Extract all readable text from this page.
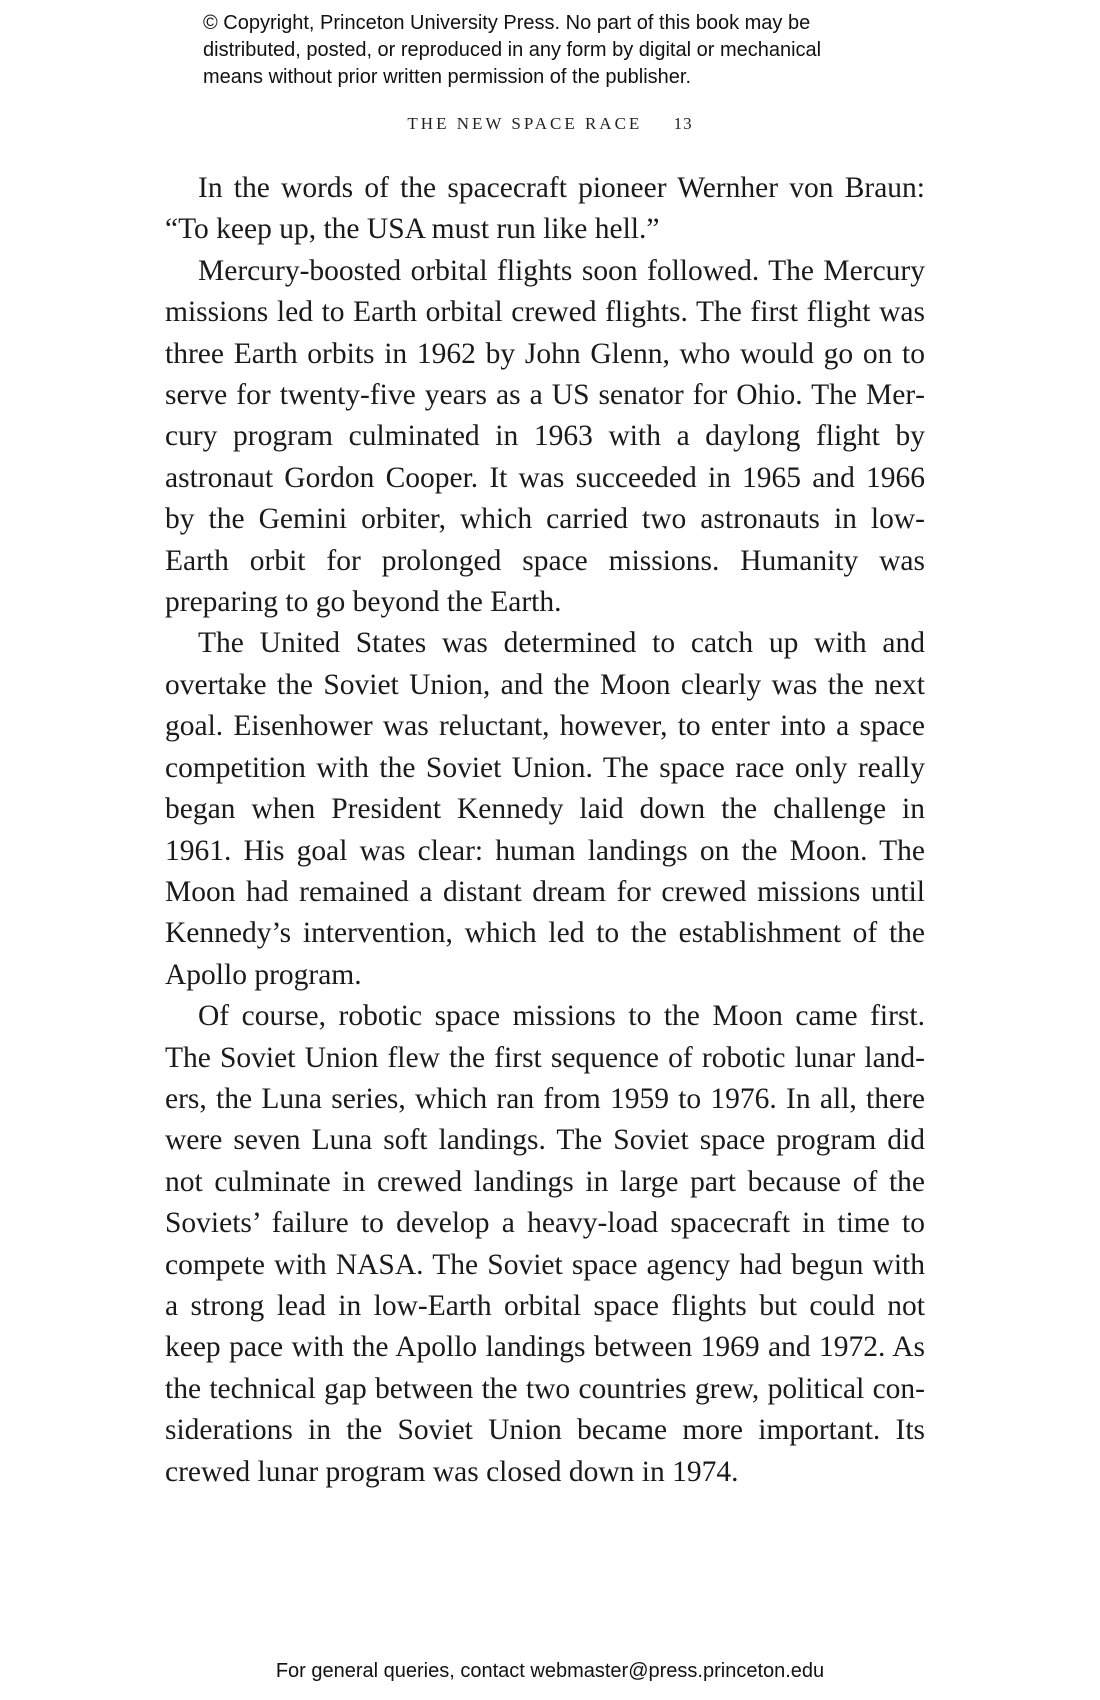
© Copyright, Princeton University Press. No part of this book may be
distributed, posted, or reproduced in any form by digital or mechanical
means without prior written permission of the publisher.
THE NEW SPACE RACE 13

In the words of the spacecraft pioneer Wernher von Braun: “To keep up, the USA must run like hell.”

Mercury-boosted orbital flights soon followed. The Mercury missions led to Earth orbital crewed flights. The first flight was three Earth orbits in 1962 by John Glenn, who would go on to serve for twenty-five years as a US senator for Ohio. The Mercury program culminated in 1963 with a daylong flight by astronaut Gordon Cooper. It was succeeded in 1965 and 1966 by the Gemini orbiter, which carried two astronauts in low-Earth orbit for prolonged space missions. Humanity was preparing to go beyond the Earth.

The United States was determined to catch up with and overtake the Soviet Union, and the Moon clearly was the next goal. Eisenhower was reluctant, however, to enter into a space competition with the Soviet Union. The space race only really began when President Kennedy laid down the challenge in 1961. His goal was clear: human landings on the Moon. The Moon had remained a distant dream for crewed missions until Kennedy’s intervention, which led to the establishment of the Apollo program.

Of course, robotic space missions to the Moon came first. The Soviet Union flew the first sequence of robotic lunar landers, the Luna series, which ran from 1959 to 1976. In all, there were seven Luna soft landings. The Soviet space program did not culminate in crewed landings in large part because of the Soviets’ failure to develop a heavy-load spacecraft in time to compete with NASA. The Soviet space agency had begun with a strong lead in low-Earth orbital space flights but could not keep pace with the Apollo landings between 1969 and 1972. As the technical gap between the two countries grew, political considerations in the Soviet Union became more important. Its crewed lunar program was closed down in 1974.

For general queries, contact webmaster@press.princeton.edu
